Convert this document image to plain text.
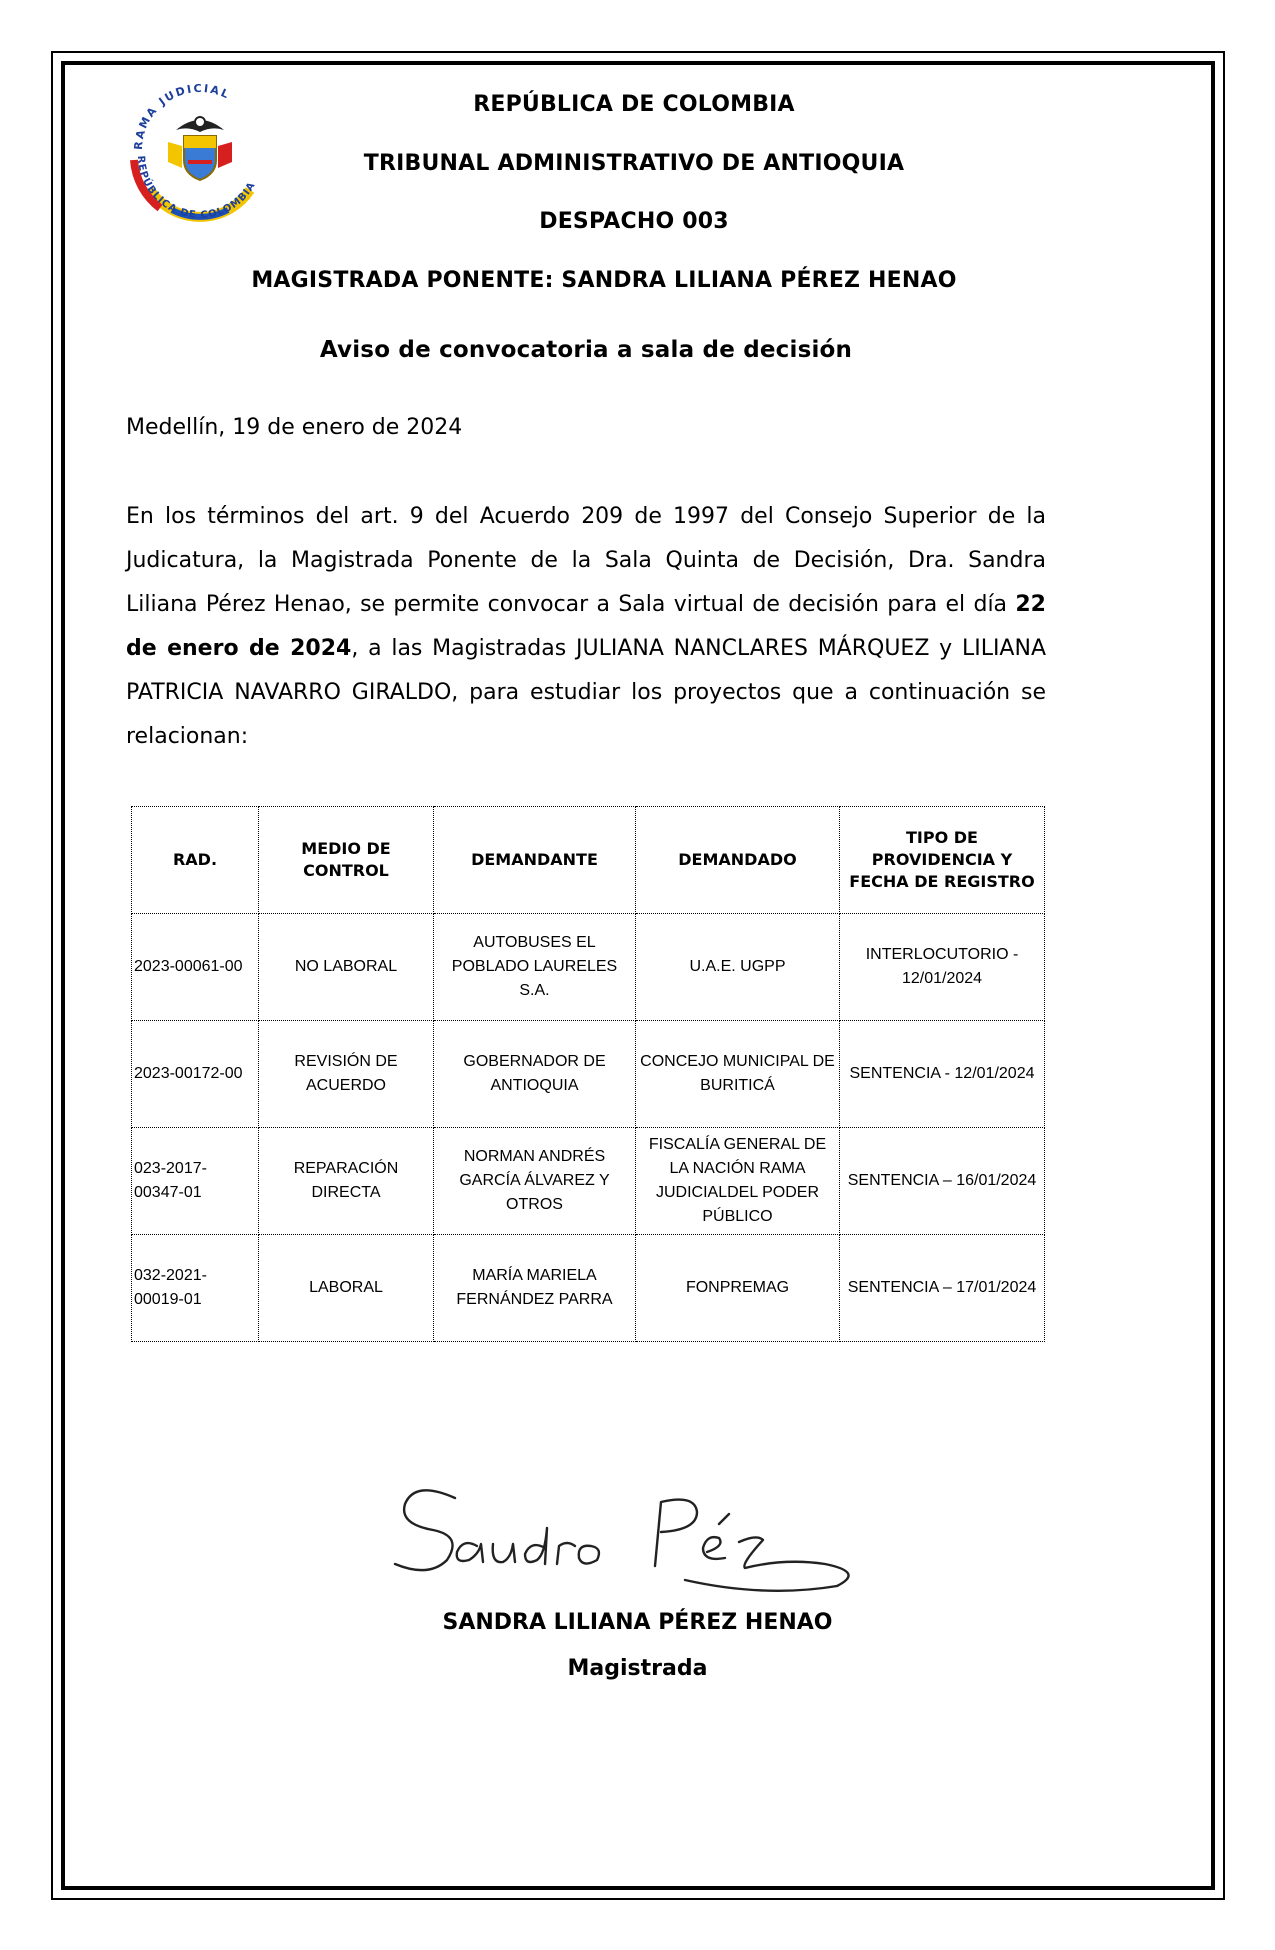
RAMA JUDICIAL
REPÚBLICA DE COLOMBIA
REPÚBLICA DE COLOMBIA
TRIBUNAL ADMINISTRATIVO DE ANTIOQUIA
DESPACHO 003
MAGISTRADA PONENTE: SANDRA LILIANA PÉREZ HENAO
Aviso de convocatoria a sala de decisión
Medellín, 19 de enero de 2024
En los términos del art. 9 del Acuerdo 209 de 1997 del Consejo Superior de la Judicatura, la Magistrada Ponente de la Sala Quinta de Decisión, Dra. Sandra Liliana Pérez Henao, se permite convocar a Sala virtual de decisión para el día 22 de enero de 2024, a las Magistradas JULIANA NANCLARES MÁRQUEZ y LILIANA PATRICIA NAVARRO GIRALDO, para estudiar los proyectos que a continuación se relacionan:
RAD.	MEDIO DE CONTROL	DEMANDANTE	DEMANDADO	TIPO DE PROVIDENCIA Y FECHA DE REGISTRO
2023-00061-00	NO LABORAL	AUTOBUSES EL POBLADO LAURELES S.A.	U.A.E. UGPP	INTERLOCUTORIO - 12/01/2024
2023-00172-00	REVISIÓN DE ACUERDO	GOBERNADOR DE ANTIOQUIA	CONCEJO MUNICIPAL DE BURITICÁ	SENTENCIA - 12/01/2024
023-2017-00347-01	REPARACIÓN DIRECTA	NORMAN ANDRÉS GARCÍA ÁLVAREZ Y OTROS	FISCALÍA GENERAL DE LA NACIÓN RAMA JUDICIALDEL PODER PÚBLICO	SENTENCIA – 16/01/2024
032-2021-00019-01	LABORAL	MARÍA MARIELA FERNÁNDEZ PARRA	FONPREMAG	SENTENCIA – 17/01/2024
Sandra Pérez
SANDRA LILIANA PÉREZ HENAO
Magistrada
